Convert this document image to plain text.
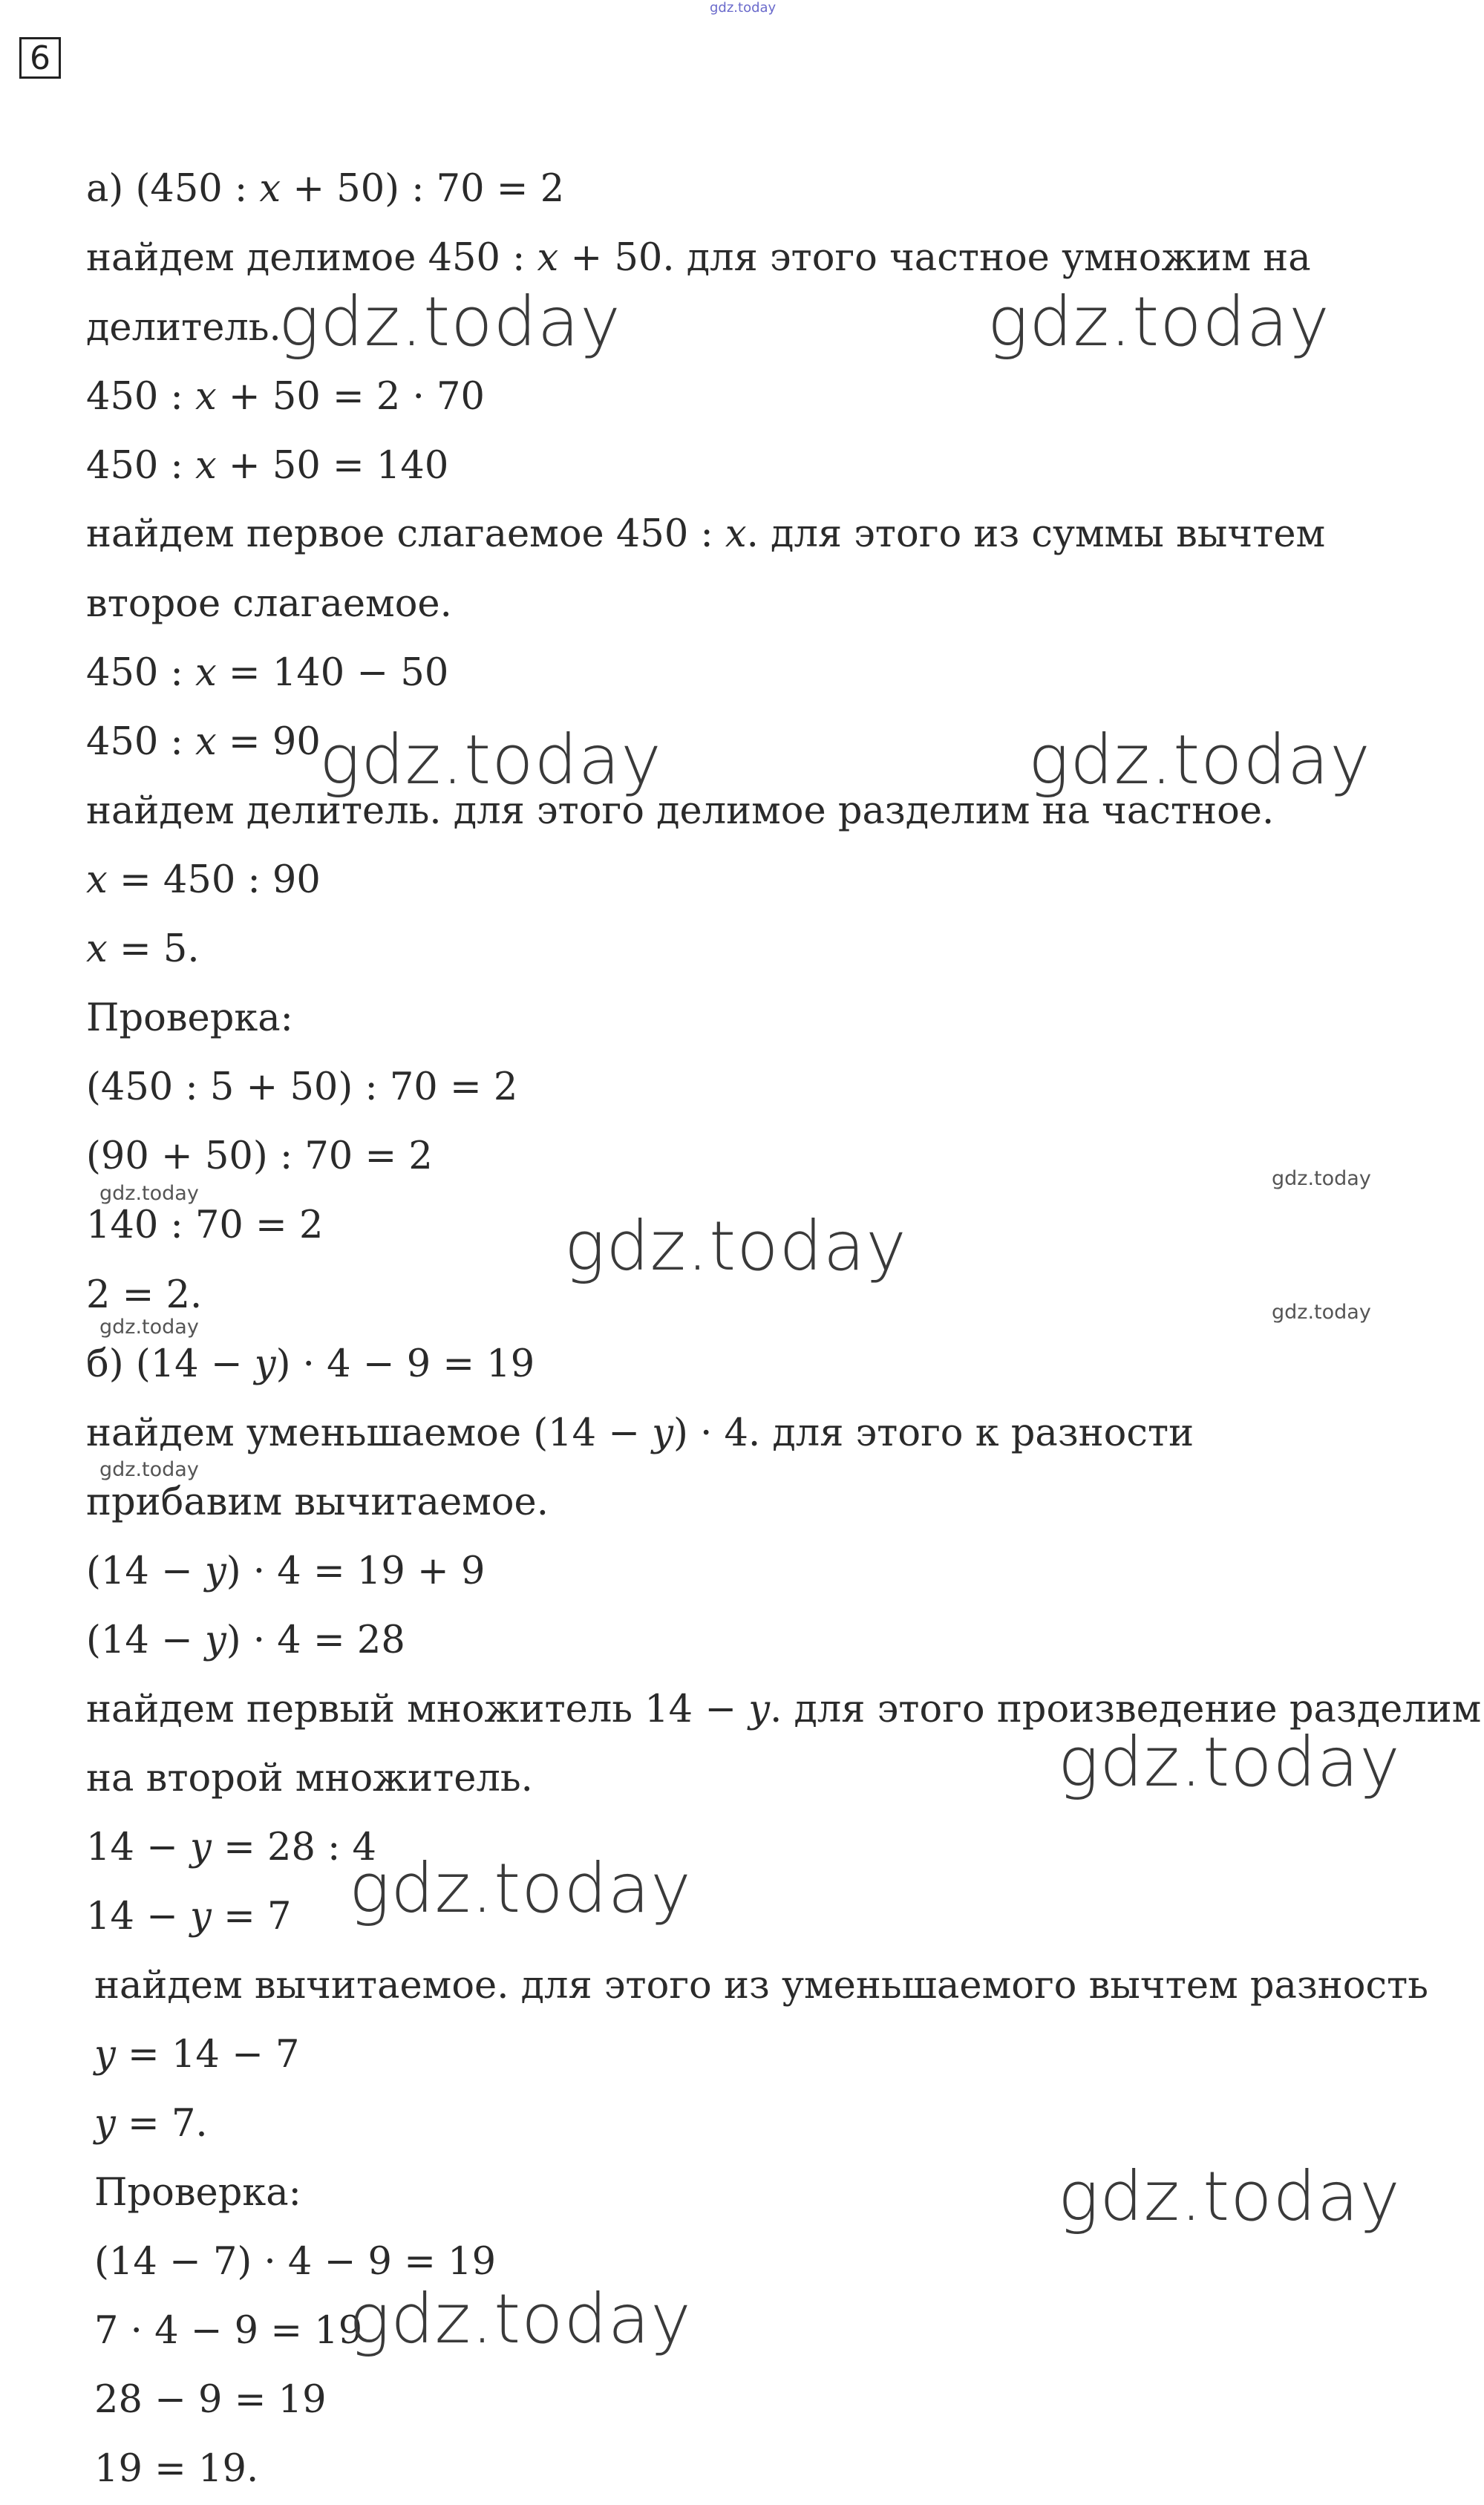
6
gdz.today
а) (450 : 𝑥 + 50) : 70 = 2
найдем делимое 450 : 𝑥 + 50. для этого частное умножим на
делитель.
450 : 𝑥 + 50 = 2 · 70
450 : 𝑥 + 50 = 140
найдем первое слагаемое 450 : 𝑥. для этого из суммы вычтем
второе слагаемое.
450 : 𝑥 = 140 − 50
450 : 𝑥 = 90
найдем делитель. для этого делимое разделим на частное.
𝑥 = 450 : 90
𝑥 = 5.
Проверка:
(450 : 5 + 50) : 70 = 2
(90 + 50) : 70 = 2
140 : 70 = 2
2 = 2.
б) (14 − 𝑦) · 4 − 9 = 19
найдем уменьшаемое (14 − 𝑦) · 4. для этого к разности
прибавим вычитаемое.
(14 − 𝑦) · 4 = 19 + 9
(14 − 𝑦) · 4 = 28
найдем первый множитель 14 − 𝑦. для этого произведение разделим
на второй множитель.
14 − 𝑦 = 28 : 4
14 − 𝑦 = 7
найдем вычитаемое. для этого из уменьшаемого вычтем разность
𝑦 = 14 − 7
𝑦 = 7.
Проверка:
(14 − 7) · 4 − 9 = 19
7 · 4 − 9 = 19
28 − 9 = 19
19 = 19.
gdz.today	gdz.today
gdz.today	gdz.today
gdz.today
gdz.today
gdz.today
gdz.today
gdz.today
gdz.today
gdz.today
gdz.today
gdz.today
gdz.today
